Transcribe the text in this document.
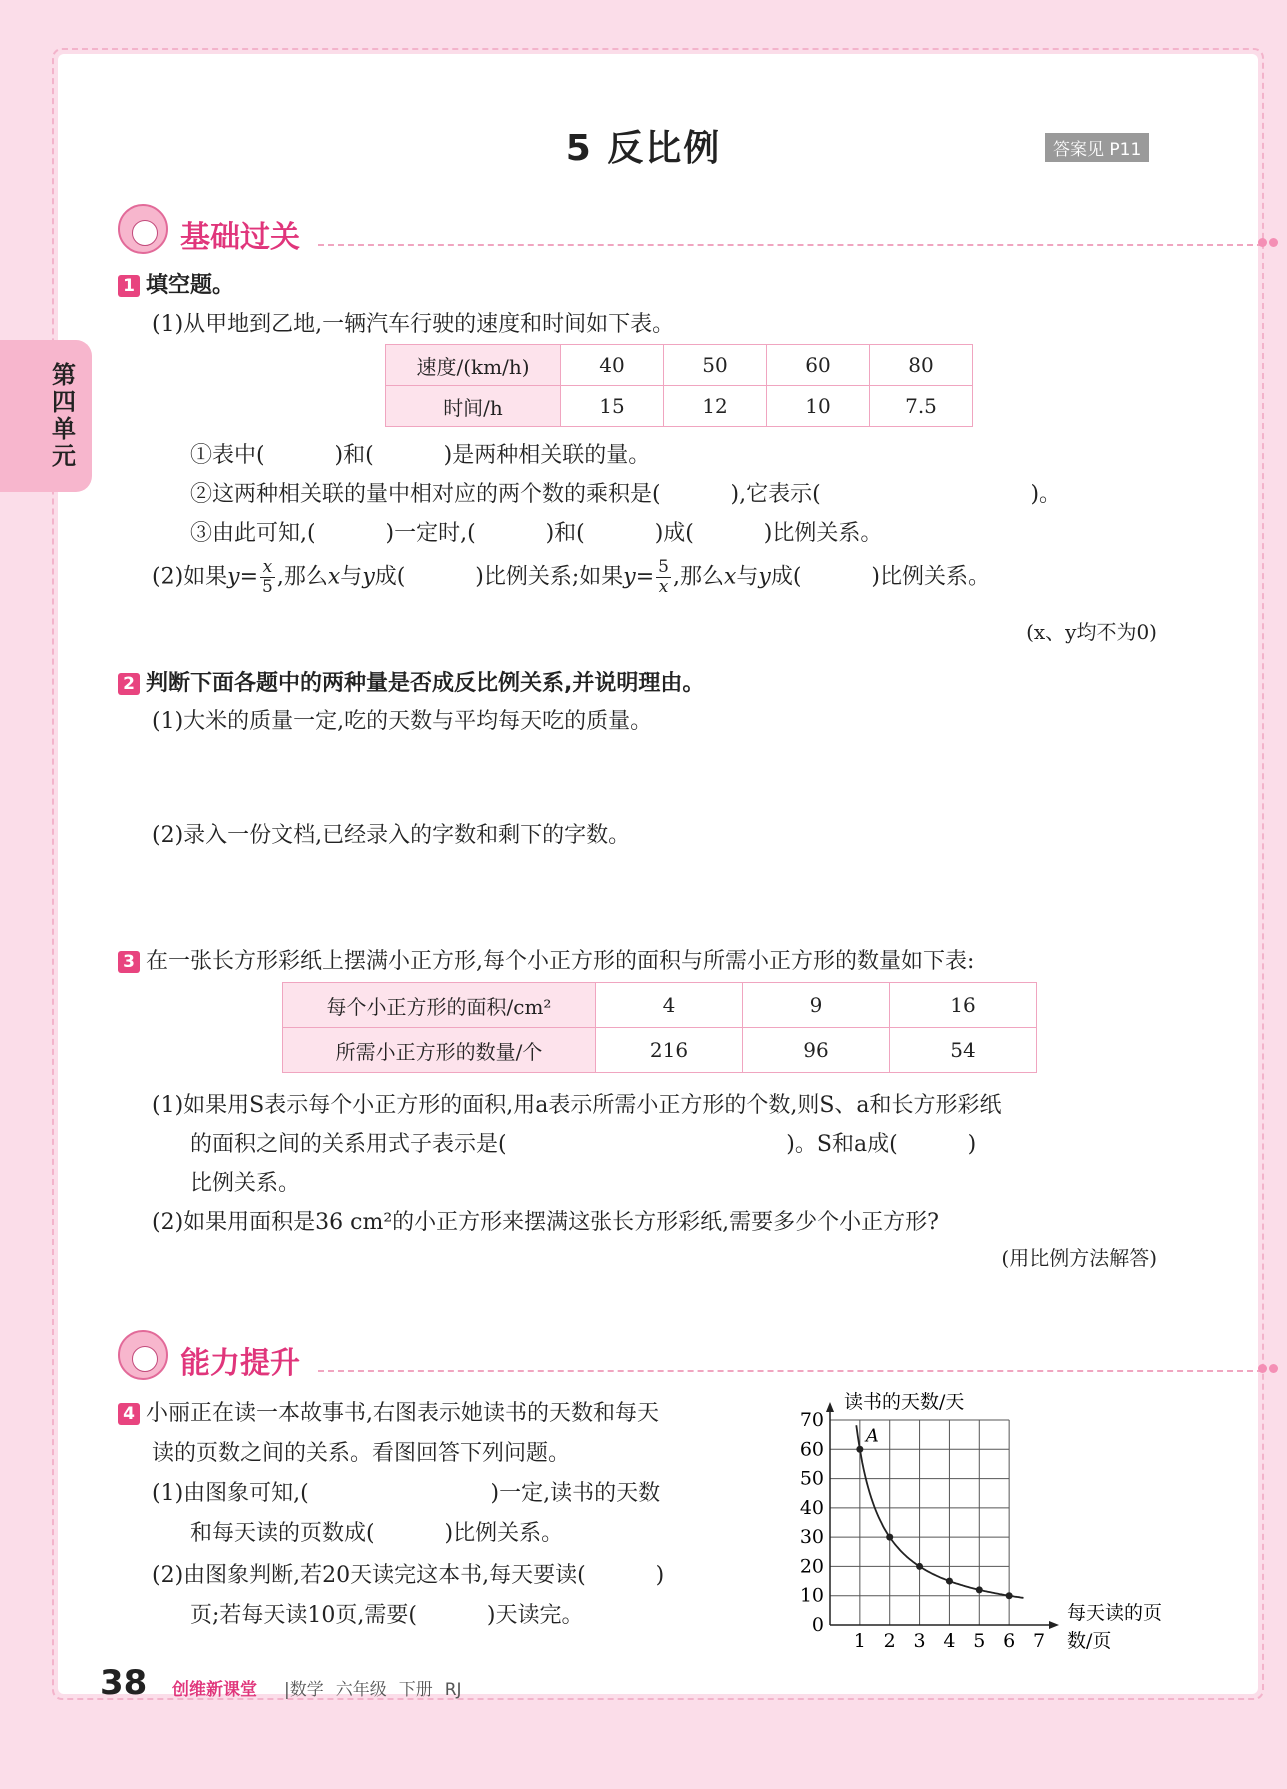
第四单元
5 反比例	答案见 P11
基础过关
1 填空题。
(1)从甲地到乙地,一辆汽车行驶的速度和时间如下表。
速度/(km/h)	40	50	60	80
时间/h	15	12	10	7.5
①表中(          )和(          )是两种相关联的量。
②这两种相关联的量中相对应的两个数的乘积是(          ),它表示(                              )。
③由此可知,(          )一定时,(          )和(          )成(          )比例关系。
(2)如果$y= \frac{x}{5}$ ,那么x与y成(          )比例关系;如果$y= \frac{5}{x}$ ,那么x与y成(          )比例关系。
(x、y均不为0)
2 判断下面各题中的两种量是否成反比例关系,并说明理由。
(1)大米的质量一定,吃的天数与平均每天吃的质量。
(2)录入一份文档,已经录入的字数和剩下的字数。
3 在一张长方形彩纸上摆满小正方形,每个小正方形的面积与所需小正方形的数量如下表:
每个小正方形的面积/cm²	4	9	16
所需小正方形的数量/个	216	96	54
(1)如果用S表示每个小正方形的面积,用a表示所需小正方形的个数,则S、a和长方形彩纸
的面积之间的关系用式子表示是(                                        )。S和a成(          )
比例关系。
(2)如果用面积是36 cm²的小正方形来摆满这张长方形彩纸,需要多少个小正方形?
(用比例方法解答)
能力提升
4 小丽正在读一本故事书,右图表示她读书的天数和每天
读的页数之间的关系。看图回答下列问题。
(1)由图象可知,(                          )一定,读书的天数
和每天读的页数成(          )比例关系。
(2)由图象判断,若20天读完这本书,每天要读(          )
页;若每天读10页,需要(          )天读完。
1 2 3 4 5 6 7
0
10
20
30
40
50
60
70
读书的天数/天
每天读的页
数/页
A
38 创维新课堂 |数学 六年级 下册 RJ
